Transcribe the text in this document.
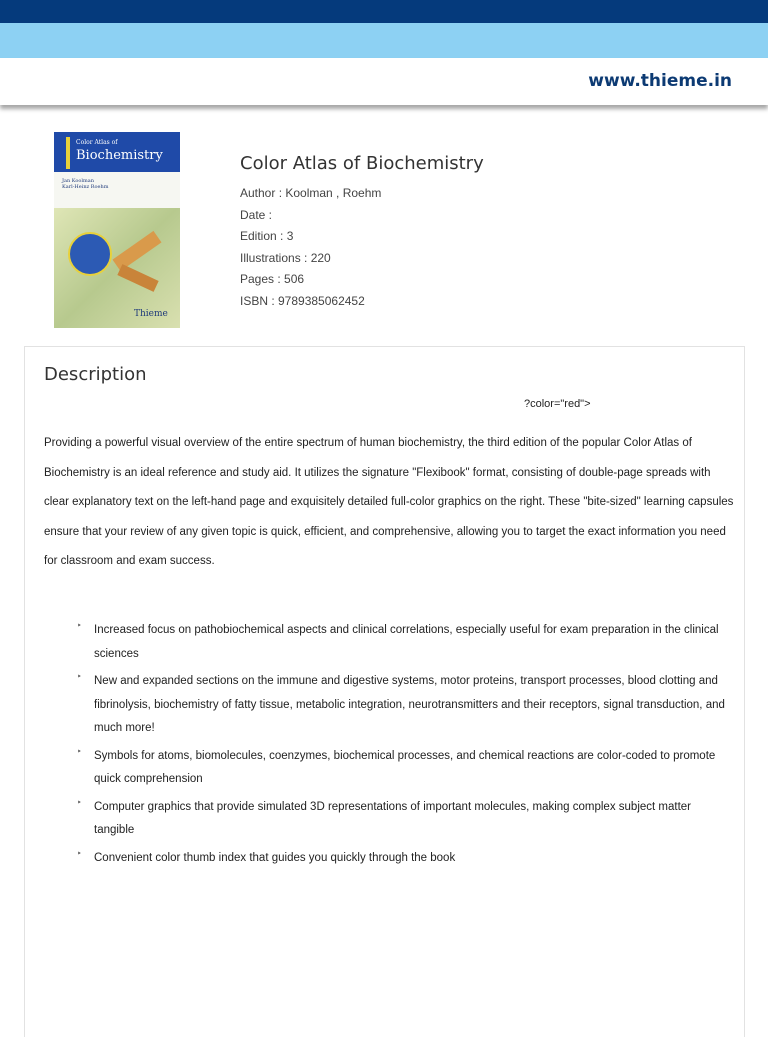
www.thieme.in
Color Atlas of
Biochemistry
Jan Koolman
Karl-Heinz Roehm
Thieme
Color Atlas of Biochemistry
Author : Koolman , Roehm
Date :
Edition : 3
Illustrations : 220
Pages : 506
ISBN : 9789385062452
Description
?color="red">
Providing a powerful visual overview of the entire spectrum of human biochemistry, the third edition of the popular Color Atlas of Biochemistry is an ideal reference and study aid. It utilizes the signature "Flexibook" format, consisting of double-page spreads with clear explanatory text on the left-hand page and exquisitely detailed full-color graphics on the right. These "bite-sized" learning capsules ensure that your review of any given topic is quick, efficient, and comprehensive, allowing you to target the exact information you need for classroom and exam success.
‣ Increased focus on pathobiochemical aspects and clinical correlations, especially useful for exam preparation in the clinical sciences
‣ New and expanded sections on the immune and digestive systems, motor proteins, transport processes, blood clotting and fibrinolysis, biochemistry of fatty tissue, metabolic integration, neurotransmitters and their receptors, signal transduction, and much more!
‣ Symbols for atoms, biomolecules, coenzymes, biochemical processes, and chemical reactions are color-coded to promote quick comprehension
‣ Computer graphics that provide simulated 3D representations of important molecules, making complex subject matter tangible
‣ Convenient color thumb index that guides you quickly through the book
